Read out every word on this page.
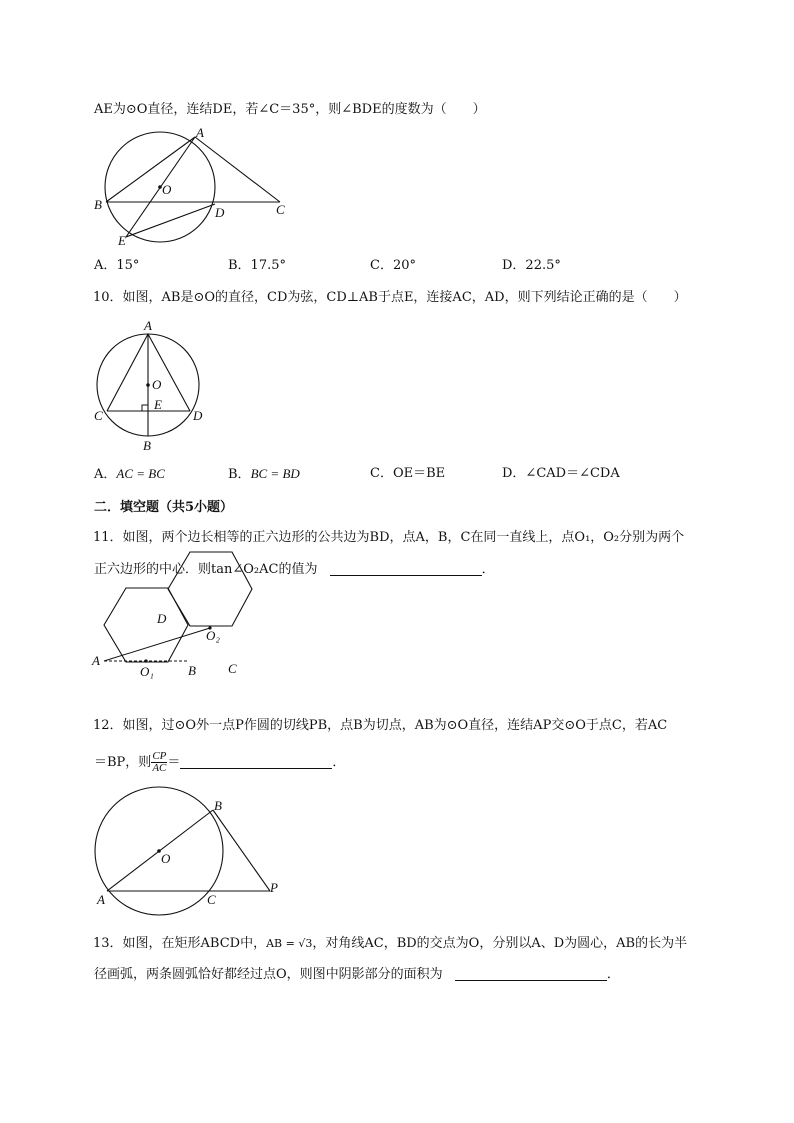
AE为⊙O直径，连结DE，若∠C＝35°，则∠BDE的度数为（　　）
A
B
O
D	C
E
A．15°	B．17.5°	C．20°	D．22.5°
10．如图，AB是⊙O的直径，CD为弦，CD⊥AB于点E，连接AC，AD，则下列结论正确的是（　　）
A
O
E
C	D
B
A．AC = BC	B．BC = BD	C．OE＝BE	D．∠CAD＝∠CDA
二．填空题（共5小题）
11．如图，两个边长相等的正六边形的公共边为BD，点A，B，C在同一直线上，点O₁，O₂分别为两个
正六边形的中心．则tan∠O₂AC的值为	．
A
D
O₂
O₁	B C
12．如图，过⊙O外一点P作圆的切线PB，点B为切点，AB为⊙O直径，连结AP交⊙O于点C，若AC
＝BP，则 $\frac{CP}{AC}$ ＝	．
B
O
A	C
P
13．如图，在矩形ABCD中，AB = √3，对角线AC，BD的交点为O，分别以A、D为圆心，AB的长为半
径画弧，两条圆弧恰好都经过点O，则图中阴影部分的面积为	．
